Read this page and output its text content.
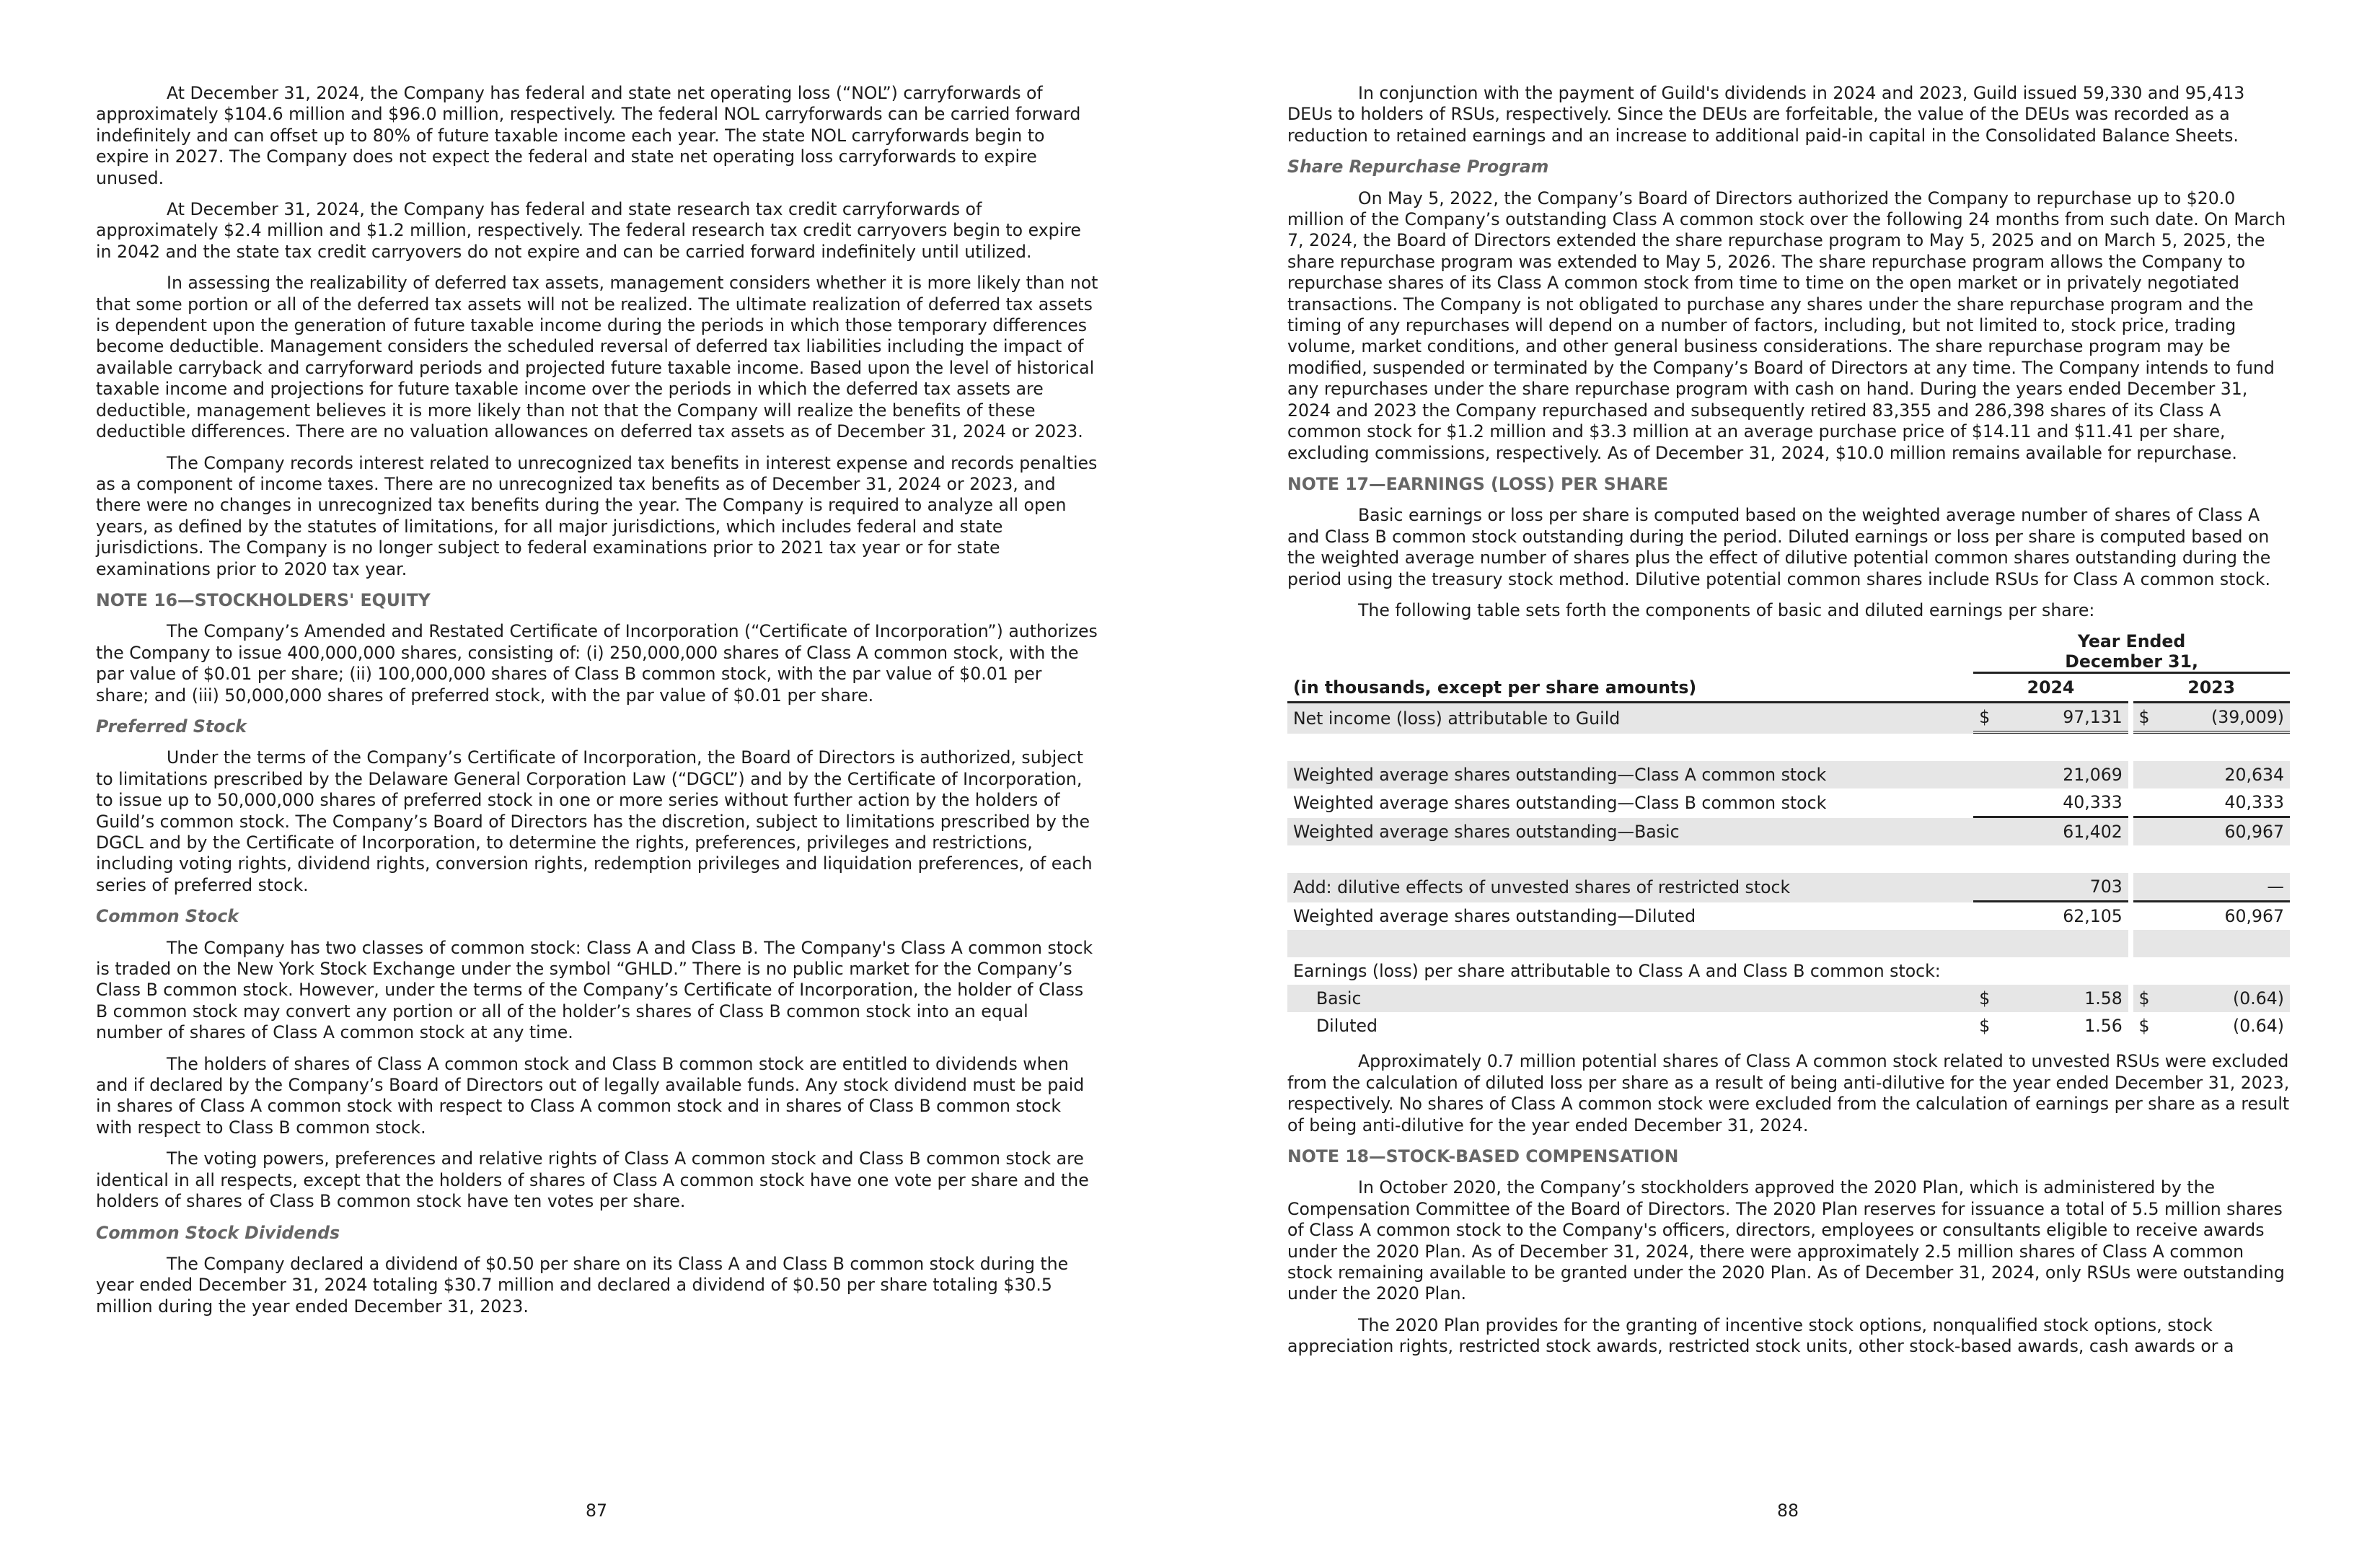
At December 31, 2024, the Company has federal and state net operating loss (“NOL”) carryforwards of approximately $104.6 million and $96.0 million, respectively. The federal NOL carryforwards can be carried forward indefinitely and can offset up to 80% of future taxable income each year. The state NOL carryforwards begin to expire in 2027. The Company does not expect the federal and state net operating loss carryforwards to expire unused.

At December 31, 2024, the Company has federal and state research tax credit carryforwards of approximately $2.4 million and $1.2 million, respectively. The federal research tax credit carryovers begin to expire in 2042 and the state tax credit carryovers do not expire and can be carried forward indefinitely until utilized.

In assessing the realizability of deferred tax assets, management considers whether it is more likely than not that some portion or all of the deferred tax assets will not be realized. The ultimate realization of deferred tax assets is dependent upon the generation of future taxable income during the periods in which those temporary differences become deductible. Management considers the scheduled reversal of deferred tax liabilities including the impact of available carryback and carryforward periods and projected future taxable income. Based upon the level of historical taxable income and projections for future taxable income over the periods in which the deferred tax assets are deductible, management believes it is more likely than not that the Company will realize the benefits of these deductible differences. There are no valuation allowances on deferred tax assets as of December 31, 2024 or 2023.

The Company records interest related to unrecognized tax benefits in interest expense and records penalties as a component of income taxes. There are no unrecognized tax benefits as of December 31, 2024 or 2023, and there were no changes in unrecognized tax benefits during the year. The Company is required to analyze all open years, as defined by the statutes of limitations, for all major jurisdictions, which includes federal and state jurisdictions. The Company is no longer subject to federal examinations prior to 2021 tax year or for state examinations prior to 2020 tax year.

NOTE 16—STOCKHOLDERS' EQUITY

The Company’s Amended and Restated Certificate of Incorporation (“Certificate of Incorporation”) authorizes the Company to issue 400,000,000 shares, consisting of: (i) 250,000,000 shares of Class A common stock, with the par value of $0.01 per share; (ii) 100,000,000 shares of Class B common stock, with the par value of $0.01 per share; and (iii) 50,000,000 shares of preferred stock, with the par value of $0.01 per share.

Preferred Stock

Under the terms of the Company’s Certificate of Incorporation, the Board of Directors is authorized, subject to limitations prescribed by the Delaware General Corporation Law (“DGCL”) and by the Certificate of Incorporation, to issue up to 50,000,000 shares of preferred stock in one or more series without further action by the holders of Guild’s common stock. The Company’s Board of Directors has the discretion, subject to limitations prescribed by the DGCL and by the Certificate of Incorporation, to determine the rights, preferences, privileges and restrictions, including voting rights, dividend rights, conversion rights, redemption privileges and liquidation preferences, of each series of preferred stock.

Common Stock

The Company has two classes of common stock: Class A and Class B. The Company's Class A common stock is traded on the New York Stock Exchange under the symbol “GHLD.” There is no public market for the Company’s Class B common stock. However, under the terms of the Company’s Certificate of Incorporation, the holder of Class B common stock may convert any portion or all of the holder’s shares of Class B common stock into an equal number of shares of Class A common stock at any time.

The holders of shares of Class A common stock and Class B common stock are entitled to dividends when and if declared by the Company’s Board of Directors out of legally available funds. Any stock dividend must be paid in shares of Class A common stock with respect to Class A common stock and in shares of Class B common stock with respect to Class B common stock.

The voting powers, preferences and relative rights of Class A common stock and Class B common stock are identical in all respects, except that the holders of shares of Class A common stock have one vote per share and the holders of shares of Class B common stock have ten votes per share.

Common Stock Dividends

The Company declared a dividend of $0.50 per share on its Class A and Class B common stock during the year ended December 31, 2024 totaling $30.7 million and declared a dividend of $0.50 per share totaling $30.5 million during the year ended December 31, 2023.

87

In conjunction with the payment of Guild's dividends in 2024 and 2023, Guild issued 59,330 and 95,413 DEUs to holders of RSUs, respectively. Since the DEUs are forfeitable, the value of the DEUs was recorded as a reduction to retained earnings and an increase to additional paid-in capital in the Consolidated Balance Sheets.

Share Repurchase Program

On May 5, 2022, the Company’s Board of Directors authorized the Company to repurchase up to $20.0 million of the Company’s outstanding Class A common stock over the following 24 months from such date. On March 7, 2024, the Board of Directors extended the share repurchase program to May 5, 2025 and on March 5, 2025, the share repurchase program was extended to May 5, 2026. The share repurchase program allows the Company to repurchase shares of its Class A common stock from time to time on the open market or in privately negotiated transactions. The Company is not obligated to purchase any shares under the share repurchase program and the timing of any repurchases will depend on a number of factors, including, but not limited to, stock price, trading volume, market conditions, and other general business considerations. The share repurchase program may be modified, suspended or terminated by the Company’s Board of Directors at any time. The Company intends to fund any repurchases under the share repurchase program with cash on hand. During the years ended December 31, 2024 and 2023 the Company repurchased and subsequently retired 83,355 and 286,398 shares of its Class A common stock for $1.2 million and $3.3 million at an average purchase price of $14.11 and $11.41 per share, excluding commissions, respectively. As of December 31, 2024, $10.0 million remains available for repurchase.

NOTE 17—EARNINGS (LOSS) PER SHARE

Basic earnings or loss per share is computed based on the weighted average number of shares of Class A and Class B common stock outstanding during the period. Diluted earnings or loss per share is computed based on the weighted average number of shares plus the effect of dilutive potential common shares outstanding during the period using the treasury stock method. Dilutive potential common shares include RSUs for Class A common stock.

The following table sets forth the components of basic and diluted earnings per share:

	Year Ended
December 31,				

(in thousands, except per share amounts)	2024			2023	
Net income (loss) attributable to Guild	$	97,131		$	(39,009)

Weighted average shares outstanding—Class A common stock		21,069			20,634
Weighted average shares outstanding—Class B common stock		40,333			40,333
Weighted average shares outstanding—Basic		61,402			60,967

Add: dilutive effects of unvested shares of restricted stock		703			—
Weighted average shares outstanding—Diluted		62,105			60,967

Earnings (loss) per share attributable to Class A and Class B common stock:					
Basic	$	1.58		$	(0.64)
Diluted	$	1.56		$	(0.64)

Approximately 0.7 million potential shares of Class A common stock related to unvested RSUs were excluded from the calculation of diluted loss per share as a result of being anti-dilutive for the year ended December 31, 2023, respectively. No shares of Class A common stock were excluded from the calculation of earnings per share as a result of being anti-dilutive for the year ended December 31, 2024.

NOTE 18—STOCK-BASED COMPENSATION

In October 2020, the Company’s stockholders approved the 2020 Plan, which is administered by the Compensation Committee of the Board of Directors. The 2020 Plan reserves for issuance a total of 5.5 million shares of Class A common stock to the Company's officers, directors, employees or consultants eligible to receive awards under the 2020 Plan. As of December 31, 2024, there were approximately 2.5 million shares of Class A common stock remaining available to be granted under the 2020 Plan. As of December 31, 2024, only RSUs were outstanding under the 2020 Plan.

The 2020 Plan provides for the granting of incentive stock options, nonqualified stock options, stock appreciation rights, restricted stock awards, restricted stock units, other stock-based awards, cash awards or a

88
